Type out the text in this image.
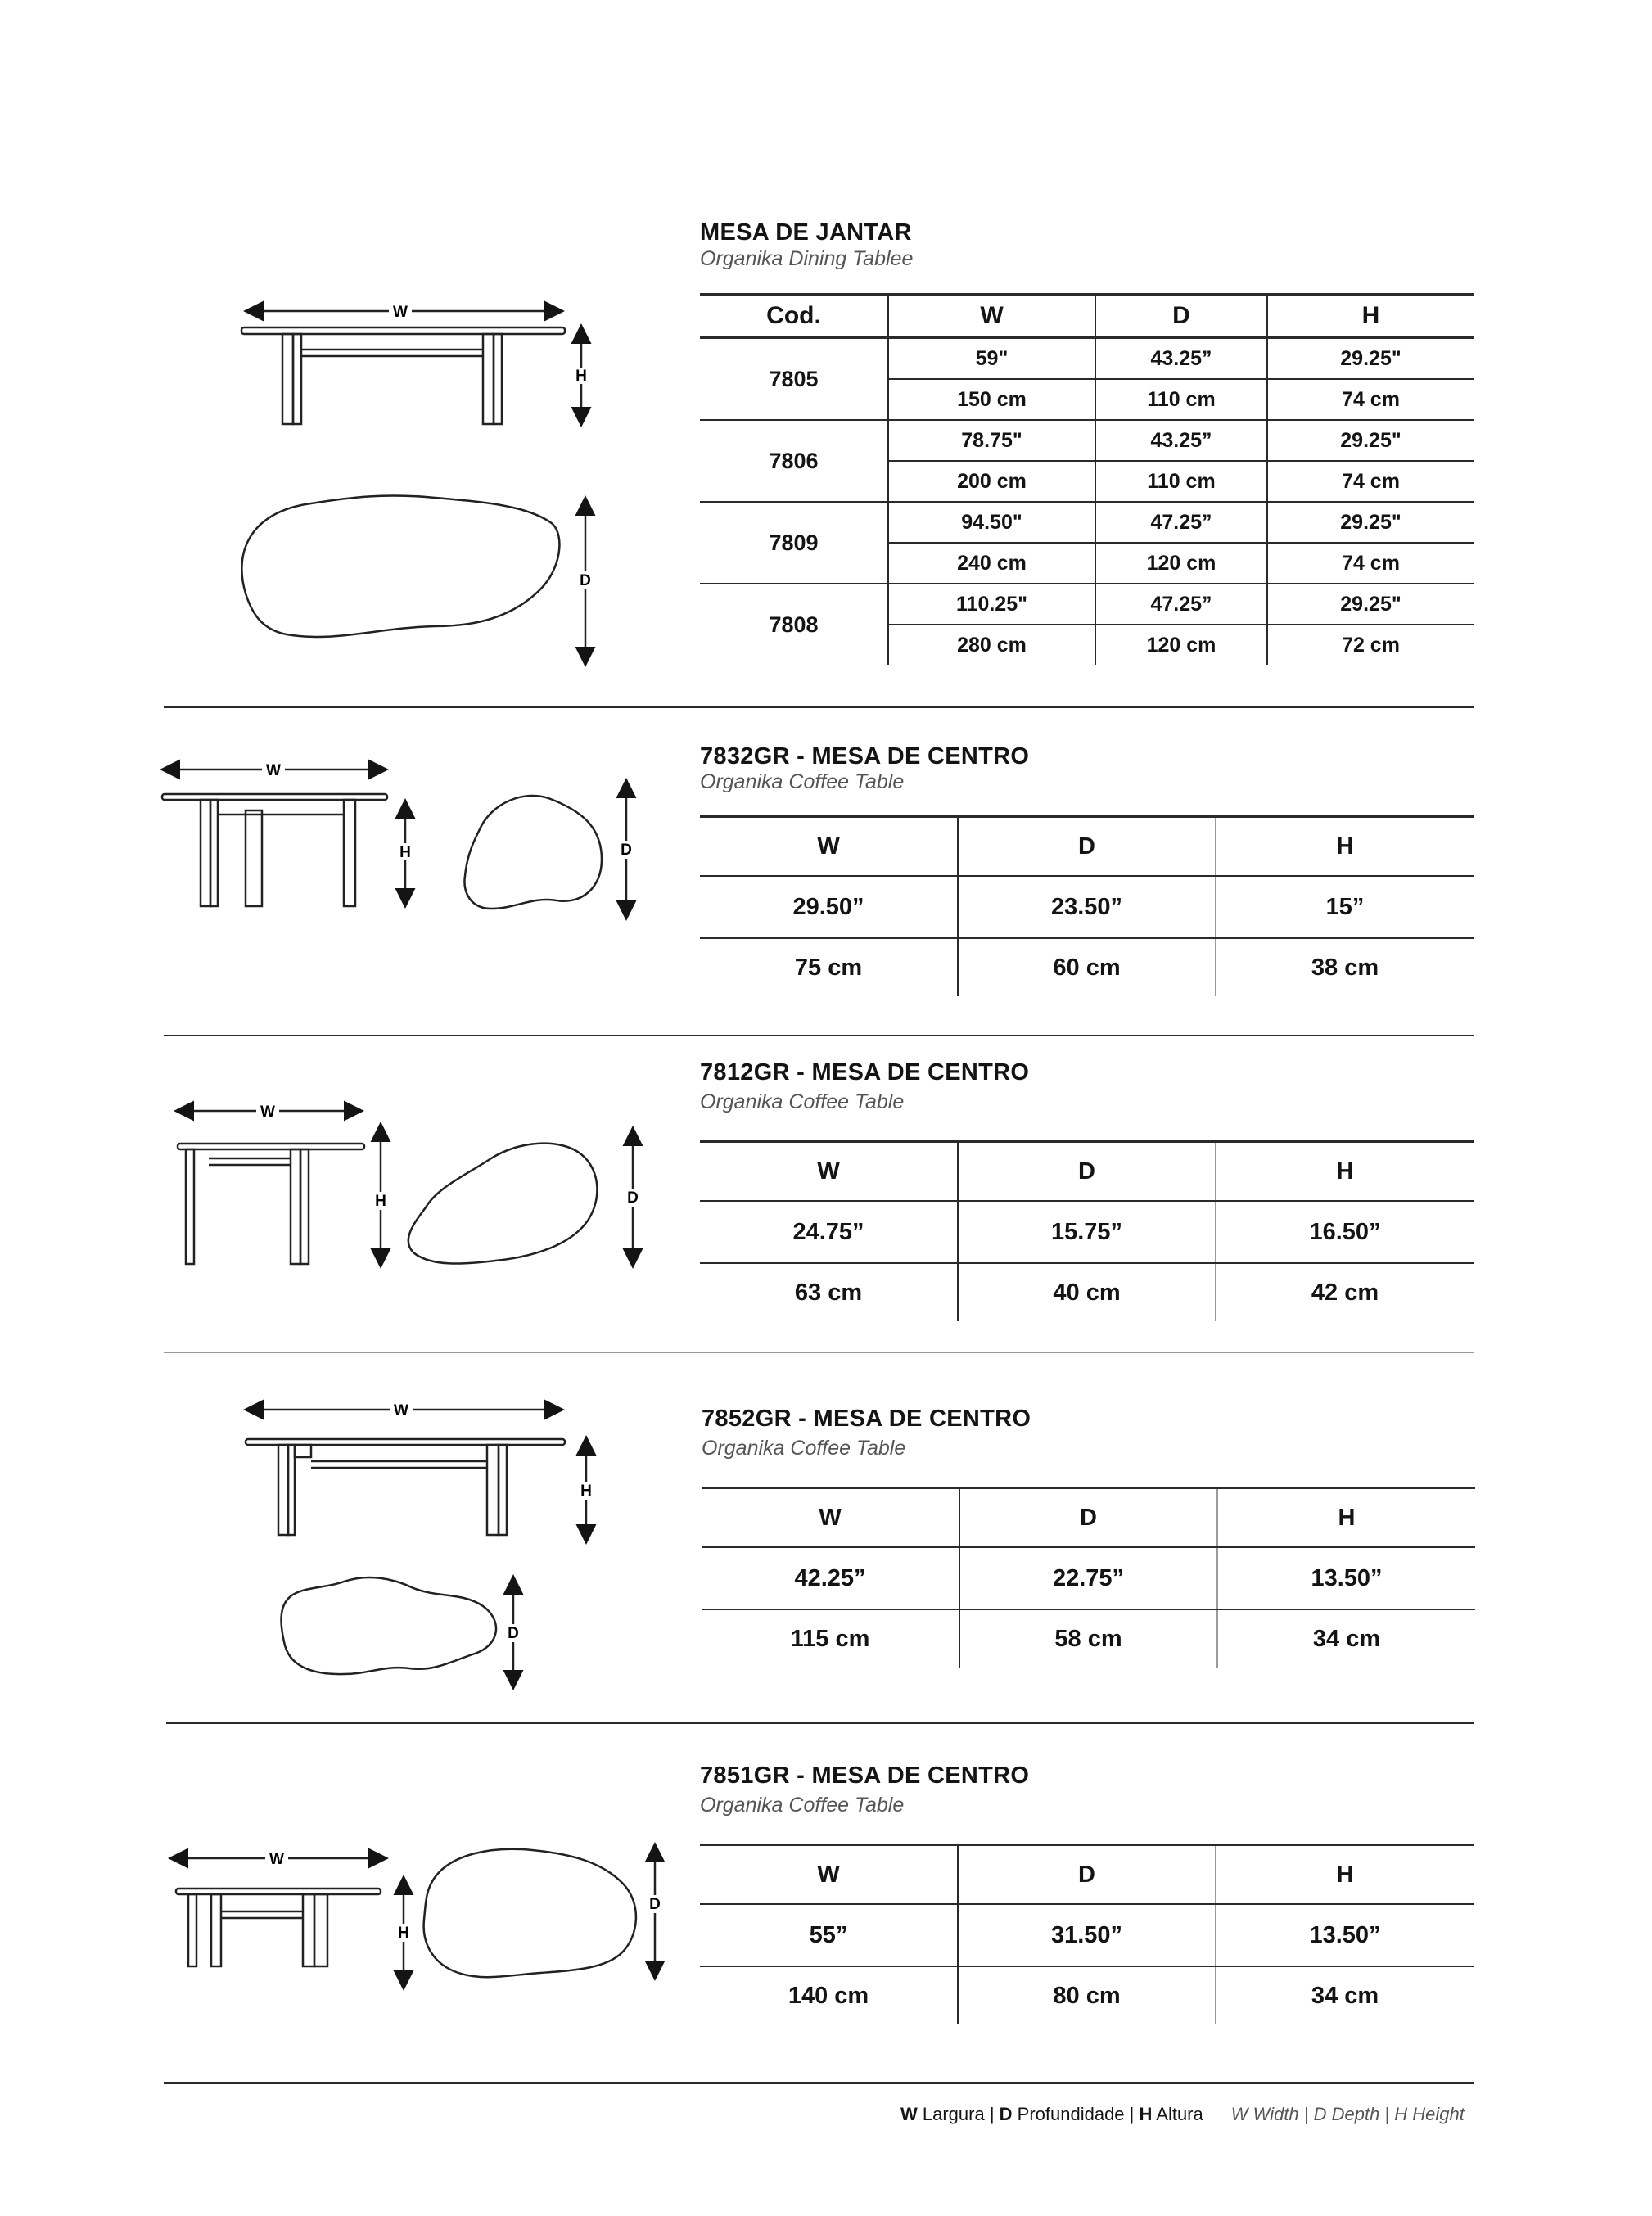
MESA DE JANTAR
Organika Dining Tablee
Cod.	W	D	H
7805	59"	43.25”	29.25"
	150 cm	110 cm	74 cm
7806	78.75"	43.25”	29.25"
	200 cm	110 cm	74 cm
7809	94.50"	47.25”	29.25"
	240 cm	120 cm	74 cm
7808	110.25"	47.25”	29.25"
	280 cm	120 cm	72 cm
W
H
D
7832GR - MESA DE CENTRO
Organika Coffee Table
W	D	H
29.50”	23.50”	15”
75 cm	60 cm	38 cm
W
H	D
7812GR - MESA DE CENTRO
Organika Coffee Table
W	D	H
24.75”	15.75”	16.50”
63 cm	40 cm	42 cm
W
H	D
7852GR - MESA DE CENTRO
Organika Coffee Table
W	D	H
42.25”	22.75”	13.50”
115 cm	58 cm	34 cm
W
H
D
7851GR - MESA DE CENTRO
Organika Coffee Table
W	D	H
55”	31.50”	13.50”
140 cm	80 cm	34 cm
W
H
D
W Largura | D Profundidade | H Altura W Width | D Depth | H Height
